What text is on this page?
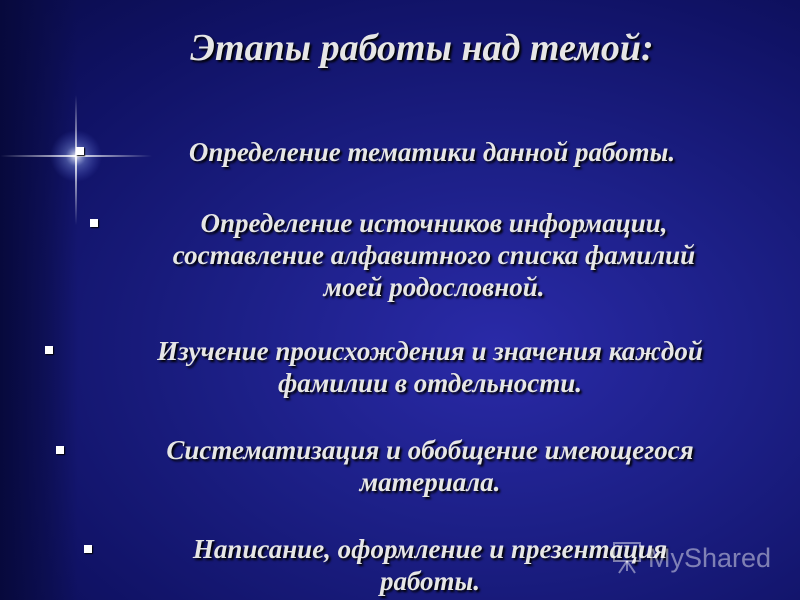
Этапы работы над темой:
Определение тематики данной работы.
Определение источников информации,
составление алфавитного списка фамилий
моей родословной.
Изучение происхождения и значения каждой
фамилии в отдельности.
Систематизация и обобщение имеющегося
материала.
Написание, оформление и презентация
работы.
MyShared
